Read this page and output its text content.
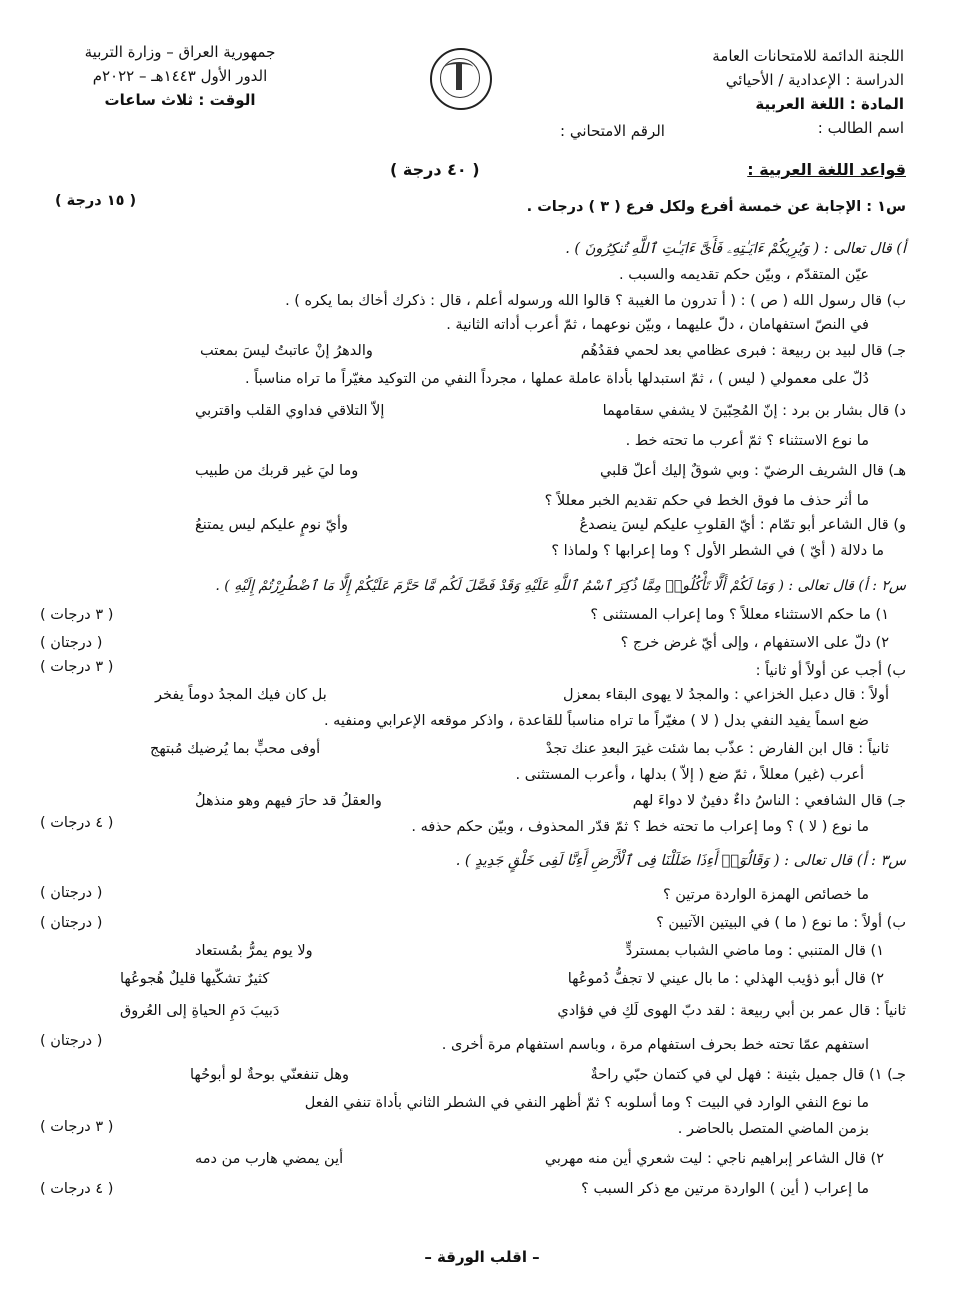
جمهورية العراق – وزارة التربية
الدور الأول ١٤٤٣هـ – ٢٠٢٢م
الوقت : ثلاث ساعات
اللجنة الدائمة للامتحانات العامة
الدراسة : الإعدادية / الأحيائي
المادة : اللغة العربية
اسم الطالب :
الرقم الامتحاني :
قواعد اللغة العربية :
( ٤٠ درجة )
س١ : الإجابة عن خمسة أفرع ولكل فرع ( ٣ ) درجات .
( ١٥ درجة )
أ) قال تعالى : ( وَيُرِيكُمْ ءَايَـٰتِهِۦ فَأَىَّ ءَايَـٰتِ ٱللَّهِ تُنكِرُونَ ) .
عيّن المتقدّم ، وبيّن حكم تقديمه والسبب .
ب) قال رسول الله ( ص ) : ( أ تدرون ما الغيبة ؟ قالوا الله ورسوله أعلم ، قال : ذكرك أخاك بما يكره ) .
في النصّ استفهامان ، دلّ عليهما ، وبيّن نوعهما ، ثمّ أعرب أداته الثانية .
جـ) قال لبيد بن ربيعة : فبرى عظامي بعد لحمي فقدُهُم
والدهرُ إنْ عاتبتُ ليسَ بمعتب
دُلّ على معمولي ( ليس ) ، ثمّ استبدلها بأداة عاملة عملها ، مجرداً النفي من التوكيد مغيّراً ما تراه مناسباً .
د) قال بشار بن برد : إنّ المُحِبّينَ لا يشفي سقامهما
إلاّ التلاقي فداوي القلب واقتربي
ما نوع الاستثناء ؟ ثمّ أعرب ما تحته خط .
هـ) قال الشريف الرضيّ : وبي شوقٌ إليك أعلّ قلبي
وما ليَ غير قربك من طبيب
ما أثر حذف ما فوق الخط في حكم تقديم الخبر معللاً ؟
و) قال الشاعر أبو تمّام : أيّ القلوبِ عليكم ليسَ ينصدعُ
وأيّ نومٍ عليكم ليس يمتنعُ
ما دلالة ( أيّ ) في الشطر الأول ؟ وما إعرابها ؟ ولماذا ؟
س٢ : أ) قال تعالى : ( وَمَا لَكُمْ أَلَّا تَأْكُلُوا۟ مِمَّا ذُكِرَ ٱسْمُ ٱللَّهِ عَلَيْهِ وَقَدْ فَصَّلَ لَكُم مَّا حَرَّمَ عَلَيْكُمْ إِلَّا مَا ٱضْطُرِرْتُمْ إِلَيْهِ ) .
١) ما حكم الاستثناء معللاً ؟ وما إعراب المستثنى ؟
( ٣ درجات )
٢) دلّ على الاستفهام ، وإلى أيّ غرض خرج ؟
( درجتان )
ب) أجب عن أولاً أو ثانياً :
( ٣ درجات )
أولاً : قال دعبل الخزاعي : والمجدُ لا يهوى البقاء بمعزل
بل كان فيك المجدُ دوماً يفخر
ضع اسماً يفيد النفي بدل ( لا ) مغيّراً ما تراه مناسباً للقاعدة ، واذكر موقعه الإعرابي ومنفيه .
ثانياً : قال ابن الفارض : عذّب بما شئت غيرَ البعدِ عنك تجدْ
أوفى محبٍّ بما يُرضيك مُبتهج
أعرب (غير) معللاً ، ثمّ ضع ( إلاّ ) بدلها ، وأعرب المستثنى .
جـ) قال الشافعي : الناسُ داءٌ دفينٌ لا دواءَ لهم
والعقلُ قد حارَ فيهم وهو منذهلُ
ما نوع ( لا ) ؟ وما إعراب ما تحته خط ؟ ثمّ قدّر المحذوف ، وبيّن حكم حذفه .
( ٤ درجات )
س٣ : أ) قال تعالى : ( وَقَالُوٓا۟ أَءِذَا ضَلَلْنَا فِى ٱلْأَرْضِ أَءِنَّا لَفِى خَلْقٍ جَدِيدٍ ) .
ما خصائص الهمزة الواردة مرتين ؟
( درجتان )
ب) أولاً : ما نوع ( ما ) في البيتين الآتيين ؟
( درجتان )
١) قال المتنبي : وما ماضي الشباب بمستردٍّ
ولا يوم يمرُّ بمُستعاد
٢) قال أبو ذؤيب الهذلي : ما بال عيني لا تجفُّ دُموعُها
كثيرٌ تشكّيها قليلٌ هُجوعُها
ثانياً : قال عمر بن أبي ربيعة : لقد دبّ الهوى لَكِ في فؤادي
دَبيبَ دَمِ الحياةِ إلى العُروق
استفهم عمّا تحته خط بحرف استفهام مرة ، وباسم استفهام مرة أخرى .
( درجتان )
جـ) ١) قال جميل بثينة : فهل لي في كتمان حبّي راحةٌ
وهل تنفعنّي بوحةٌ لو أبوحُها
ما نوع النفي الوارد في البيت ؟ وما أسلوبه ؟ ثمّ أظهر النفي في الشطر الثاني بأداة تنفي الفعل
بزمن الماضي المتصل بالحاضر .
( ٣ درجات )
٢) قال الشاعر إبراهيم ناجي : ليت شعري أين منه مهربي
أين يمضي هارب من دمه
ما إعراب ( أين ) الواردة مرتين مع ذكر السبب ؟
( ٤ درجات )
– اقلب الورقة –
